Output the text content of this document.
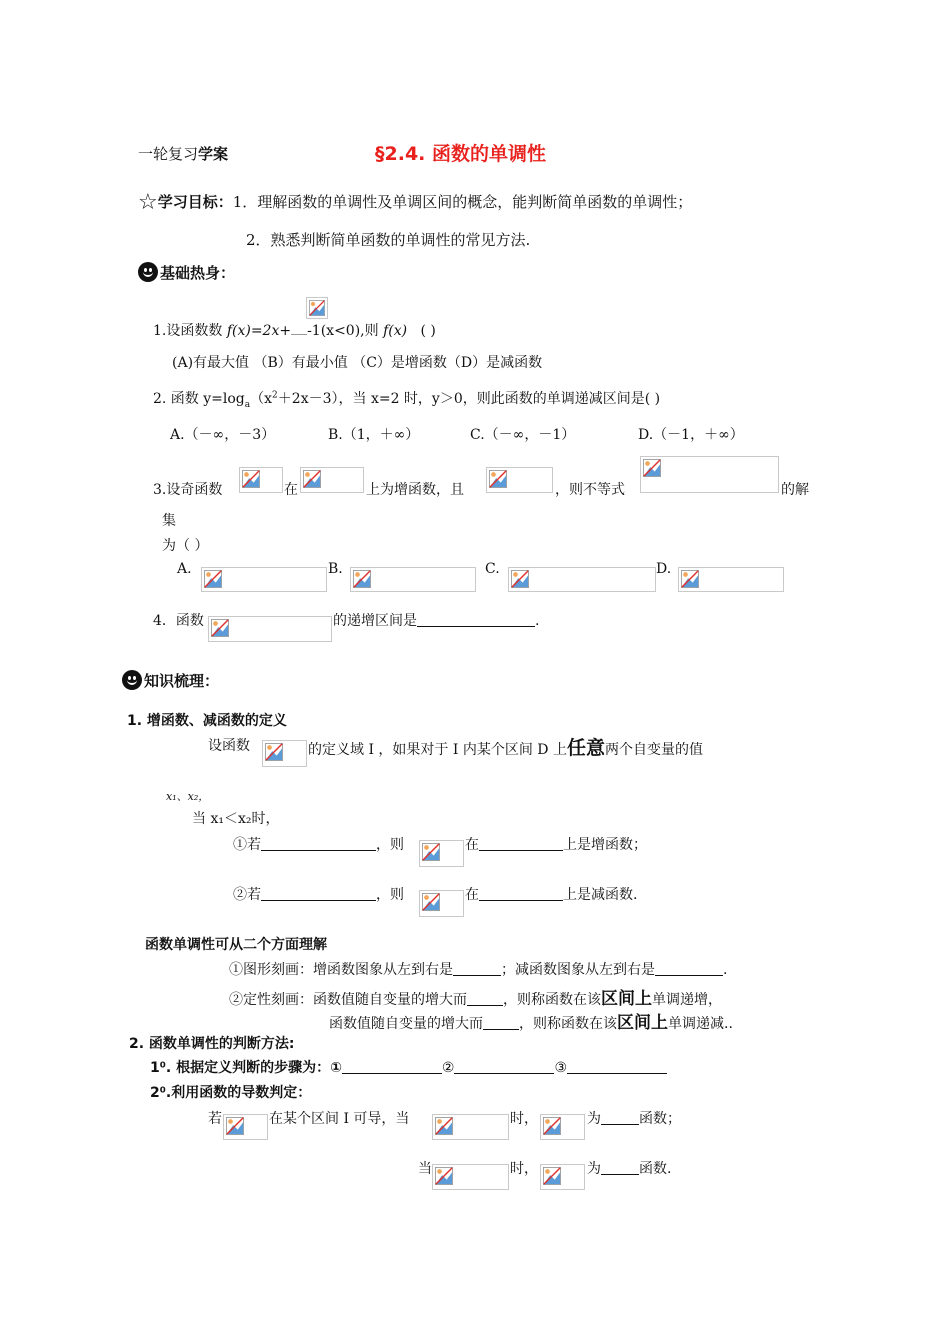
一轮复习学案	§2.4. 函数的单调性
☆学习目标：1．理解函数的单调性及单调区间的概念，能判断简单函数的单调性；
2．熟悉判断简单函数的单调性的常见方法.
基础热身：
1.设函数数 f(x)=2x+ -1(x<0),则 f(x) ( )
(A)有最大值 （B）有最小值 （C）是增函数（D）是减函数
2. 函数 $y=\log_a(x^2+2x-3)$，当 x=2 时，y＞0，则此函数的单调递减区间是( )
A.（－∞，－3）	B.（1，＋∞）	C.（－∞，－1）	D.（－1，＋∞）
3.设奇函数	在	上为增函数，且	，则不等式	的解
集
为（ ）
A.	B.	C.	D.
4．函数	的递增区间是	.
知识梳理：
1. 增函数、减函数的定义
设函数	的定义域 I ，如果对于 I 内某个区间 D 上任意两个自变量的值
x₁、x₂，
当 x₁＜x₂时，
①若	，则	在	上是增函数；
②若	，则	在	上是减函数.
函数单调性可从二个方面理解
①图形刻画：增函数图象从左到右是	；减函数图象从左到右是	.
②定性刻画：函数值随自变量的增大而	，则称函数在该区间上单调递增，
函数值随自变量的增大而	，则称函数在该区间上单调递减..
2. 函数单调性的判断方法:
1⁰. 根据定义判断的步骤为：①	②	③
2⁰.利用函数的导数判定：
若	在某个区间 I 可导，当	时，	为	函数；
当	时，	为	函数.
